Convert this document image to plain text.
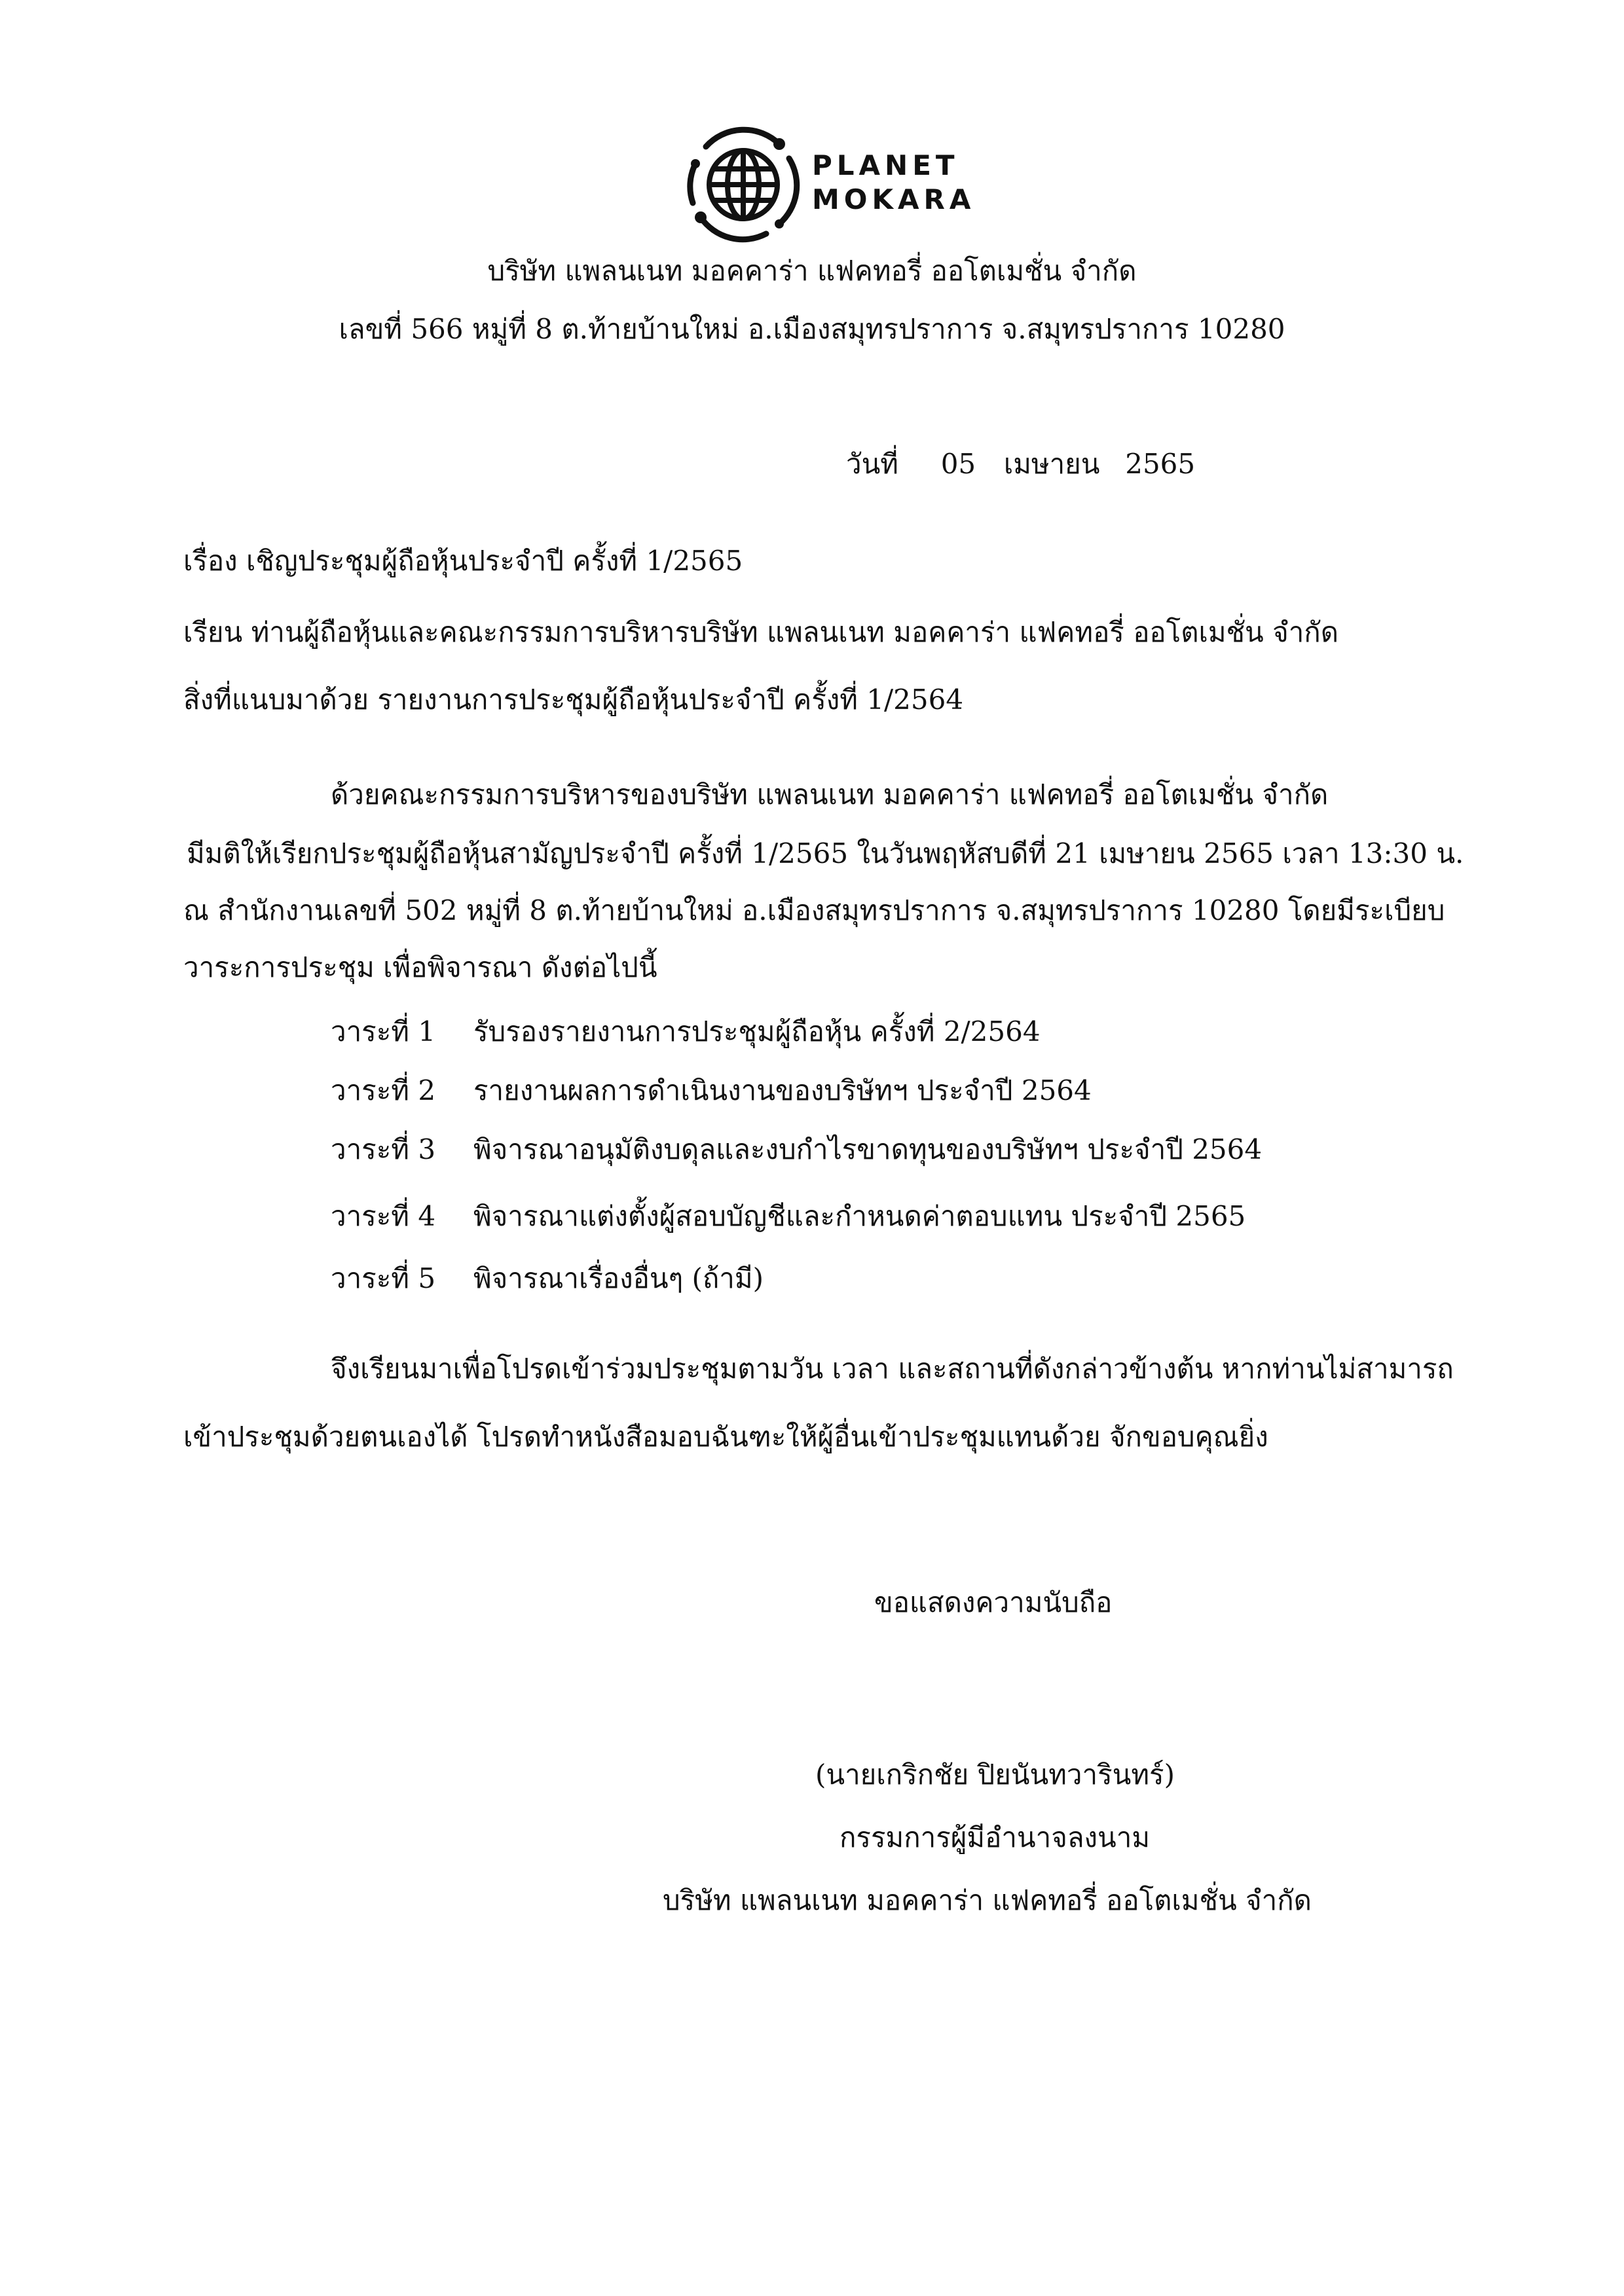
PLANET
MOKARA
บริษัท แพลนเนท มอคคาร่า แฟคทอรี่ ออโตเมชั่น จำกัด
เลขที่ 566 หมู่ที่ 8 ต.ท้ายบ้านใหม่ อ.เมืองสมุทรปราการ จ.สมุทรปราการ 10280
วันที่ 05 เมษายน 2565
เรื่อง เชิญประชุมผู้ถือหุ้นประจำปี ครั้งที่ 1/2565
เรียน ท่านผู้ถือหุ้นและคณะกรรมการบริหารบริษัท แพลนเนท มอคคาร่า แฟคทอรี่ ออโตเมชั่น จำกัด
สิ่งที่แนบมาด้วย รายงานการประชุมผู้ถือหุ้นประจำปี ครั้งที่ 1/2564
ด้วยคณะกรรมการบริหารของบริษัท แพลนเนท มอคคาร่า แฟคทอรี่ ออโตเมชั่น จำกัด
มีมติให้เรียกประชุมผู้ถือหุ้นสามัญประจำปี ครั้งที่ 1/2565 ในวันพฤหัสบดีที่ 21 เมษายน 2565 เวลา 13:30 น.
ณ สำนักงานเลขที่ 502 หมู่ที่ 8 ต.ท้ายบ้านใหม่ อ.เมืองสมุทรปราการ จ.สมุทรปราการ 10280 โดยมีระเบียบ
วาระการประชุม เพื่อพิจารณา ดังต่อไปนี้
วาระที่ 1 รับรองรายงานการประชุมผู้ถือหุ้น ครั้งที่ 2/2564
วาระที่ 2 รายงานผลการดำเนินงานของบริษัทฯ ประจำปี 2564
วาระที่ 3 พิจารณาอนุมัติงบดุลและงบกำไรขาดทุนของบริษัทฯ ประจำปี 2564
วาระที่ 4 พิจารณาแต่งตั้งผู้สอบบัญชีและกำหนดค่าตอบแทน ประจำปี 2565
วาระที่ 5 พิจารณาเรื่องอื่นๆ (ถ้ามี)
จึงเรียนมาเพื่อโปรดเข้าร่วมประชุมตามวัน เวลา และสถานที่ดังกล่าวข้างต้น หากท่านไม่สามารถ
เข้าประชุมด้วยตนเองได้ โปรดทำหนังสือมอบฉันฑะให้ผู้อื่นเข้าประชุมแทนด้วย จักขอบคุณยิ่ง
ขอแสดงความนับถือ
(นายเกริกชัย ปิยนันทวารินทร์)
กรรมการผู้มีอำนาจลงนาม
บริษัท แพลนเนท มอคคาร่า แฟคทอรี่ ออโตเมชั่น จำกัด
